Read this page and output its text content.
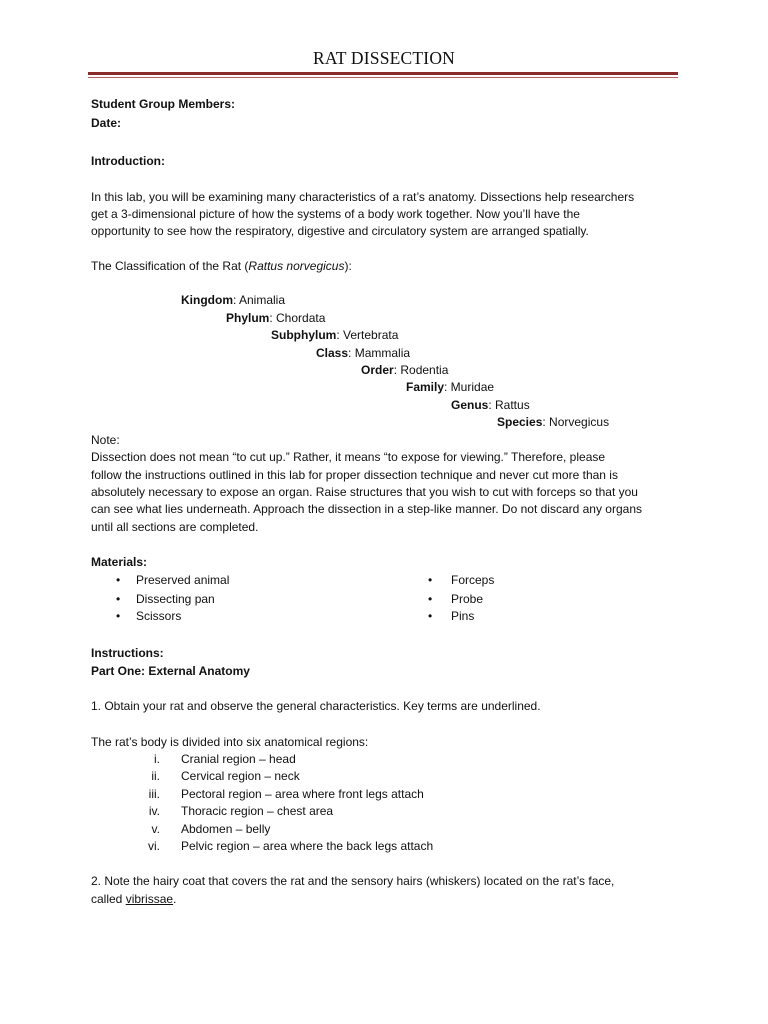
RAT DISSECTION
Student Group Members:
Date:
Introduction:
In this lab, you will be examining many characteristics of a rat’s anatomy. Dissections help researchers
get a 3-dimensional picture of how the systems of a body work together. Now you’ll have the
opportunity to see how the respiratory, digestive and circulatory system are arranged spatially.
The Classification of the Rat (Rattus norvegicus):
Kingdom: Animalia
Phylum: Chordata
Subphylum: Vertebrata
Class: Mammalia
Order: Rodentia
Family: Muridae
Genus: Rattus
Species: Norvegicus
Note:
Dissection does not mean “to cut up.” Rather, it means “to expose for viewing.” Therefore, please
follow the instructions outlined in this lab for proper dissection technique and never cut more than is
absolutely necessary to expose an organ. Raise structures that you wish to cut with forceps so that you
can see what lies underneath. Approach the dissection in a step-like manner. Do not discard any organs
until all sections are completed.
Materials:
• Preserved animal
• Dissecting pan
• Scissors
• Forceps
• Probe
• Pins
Instructions:
Part One: External Anatomy
1. Obtain your rat and observe the general characteristics. Key terms are underlined.
The rat’s body is divided into six anatomical regions:
i. Cranial region – head
ii. Cervical region – neck
iii. Pectoral region – area where front legs attach
iv. Thoracic region – chest area
v. Abdomen – belly
vi. Pelvic region – area where the back legs attach
2. Note the hairy coat that covers the rat and the sensory hairs (whiskers) located on the rat’s face,
called vibrissae.
